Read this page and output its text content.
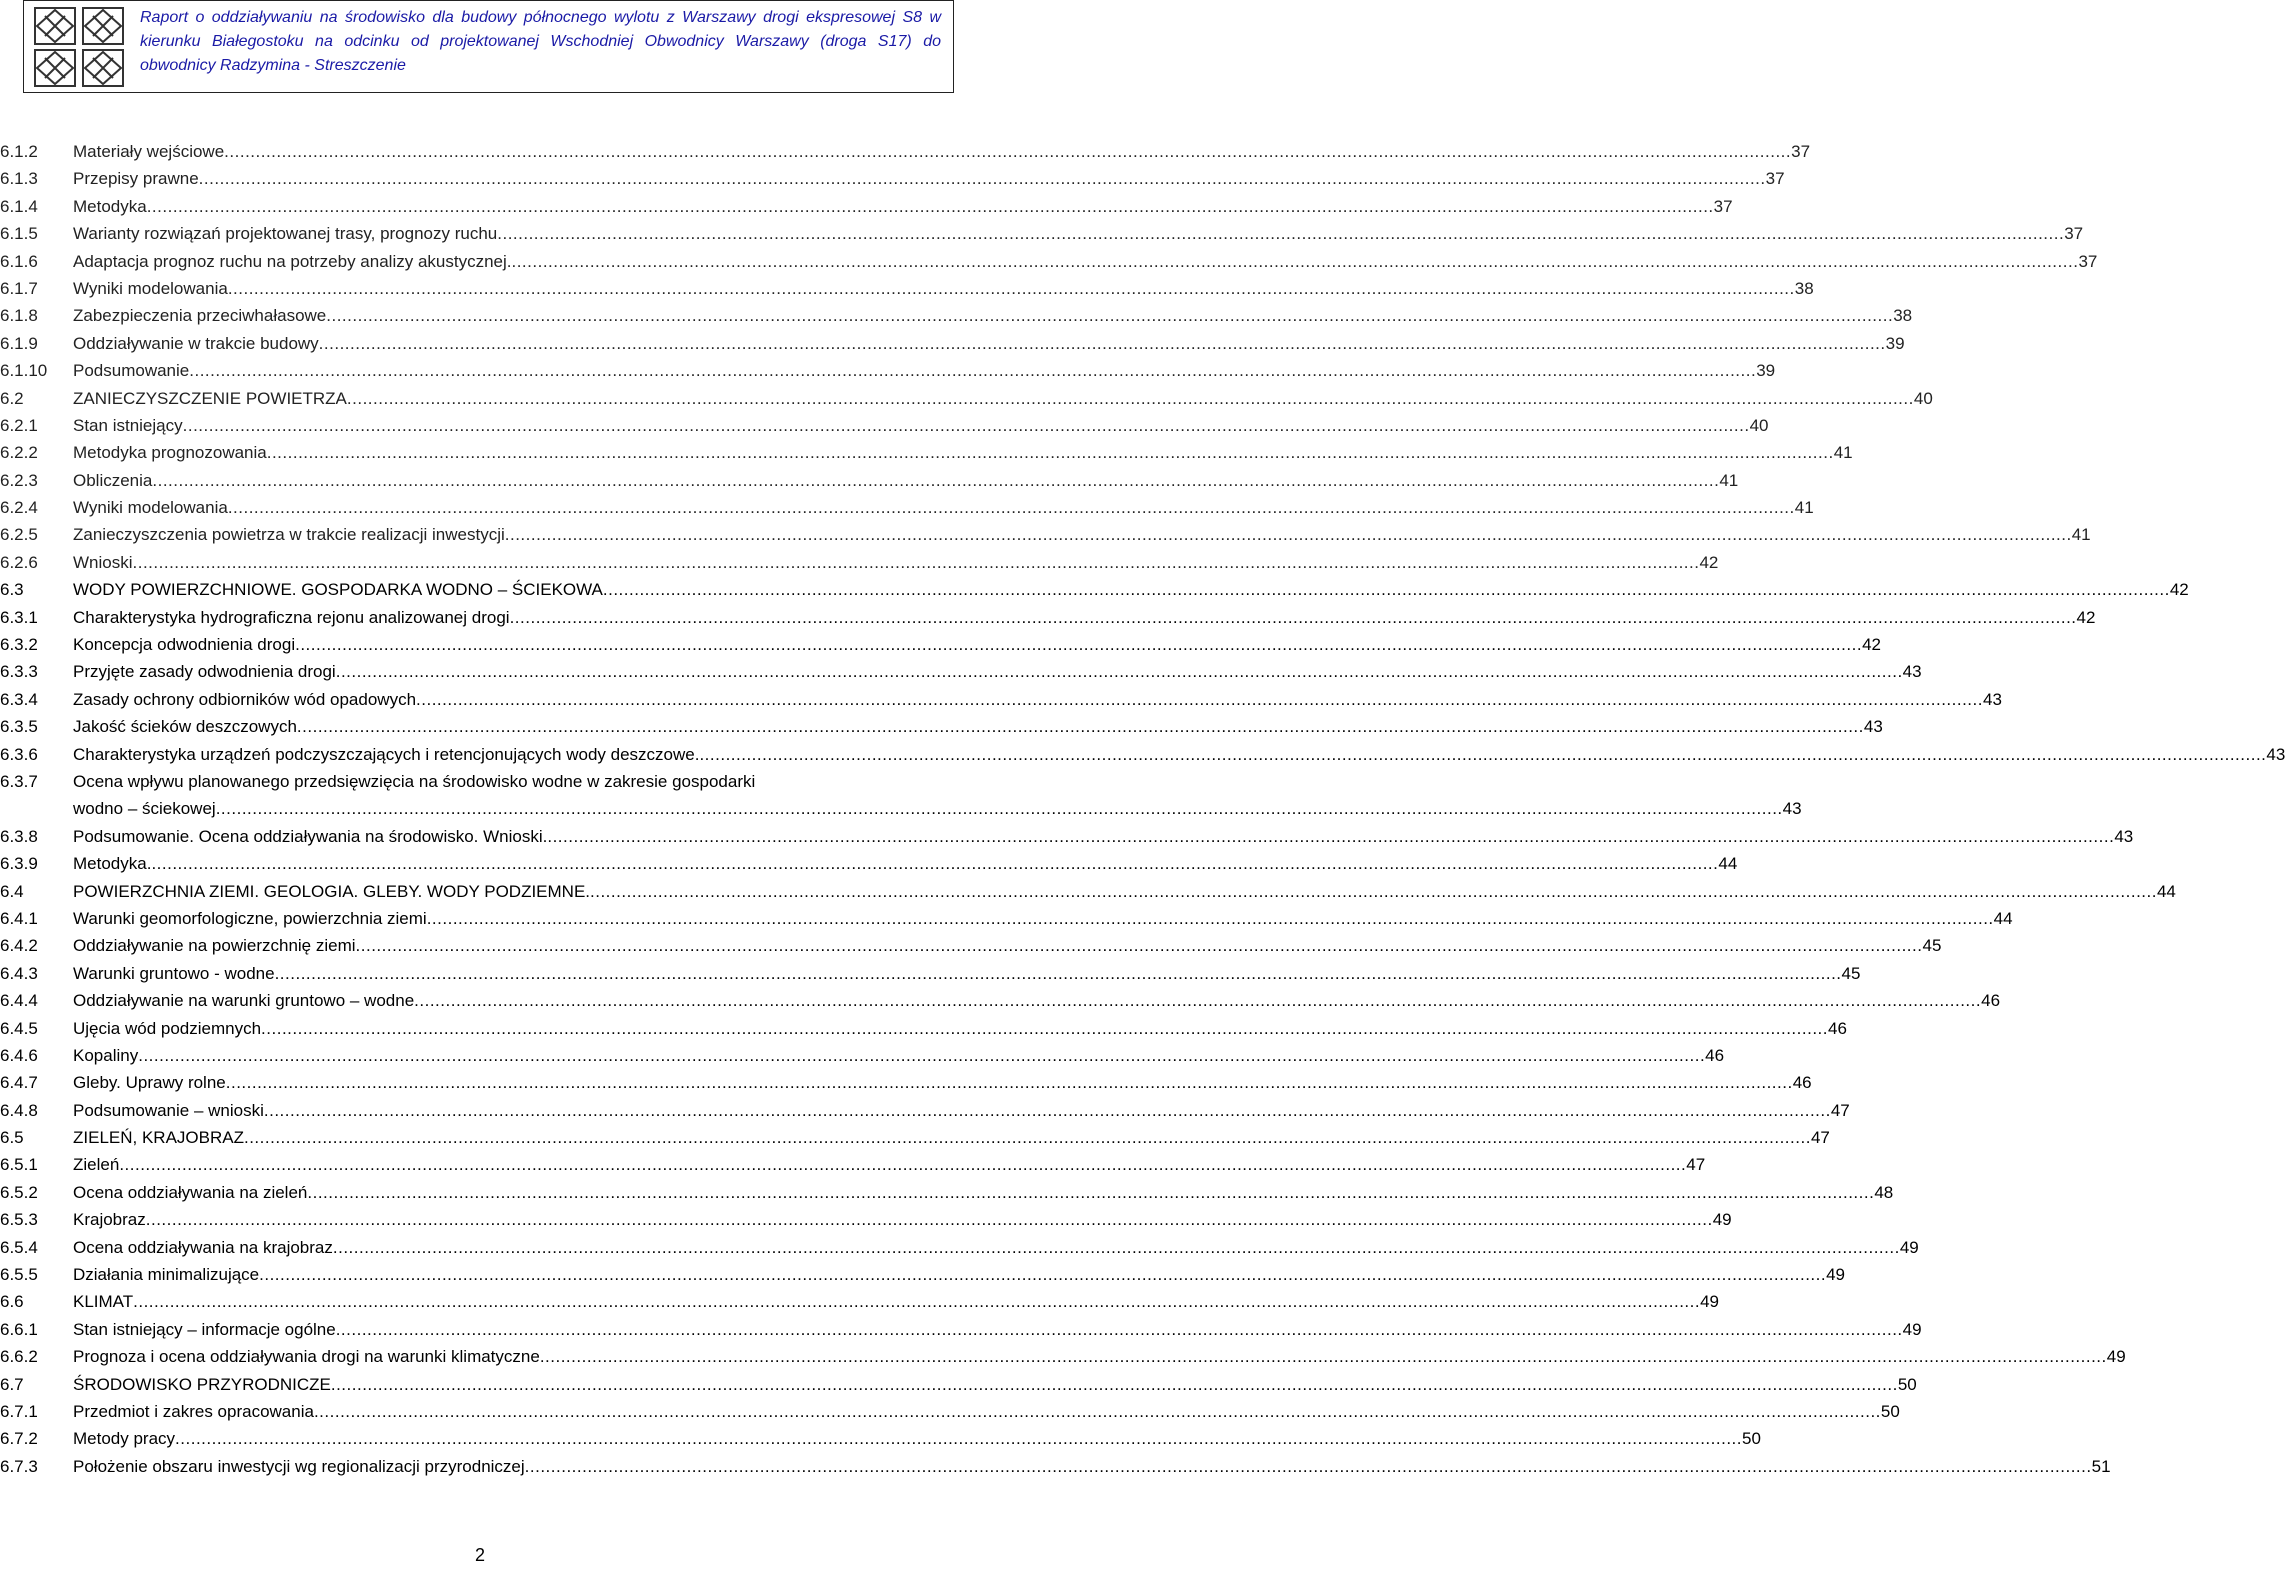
Raport o oddziaływaniu na środowisko dla budowy północnego wylotu z Warszawy drogi ekspresowej S8 w kierunku Białegostoku na odcinku od projektowanej Wschodniej Obwodnicy Warszawy (droga S17) do obwodnicy Radzymina - Streszczenie
6.1.2 Materiały wejściowe ............................................................................................................................................................................................................................................................................................................ 37
6.1.3 Przepisy prawne ............................................................................................................................................................................................................................................................................................................ 37
6.1.4 Metodyka ............................................................................................................................................................................................................................................................................................................ 37
6.1.5 Warianty rozwiązań projektowanej trasy, prognozy ruchu ............................................................................................................................................................................................................................................................................................................ 37
6.1.6 Adaptacja prognoz ruchu na potrzeby analizy akustycznej. ............................................................................................................................................................................................................................................................................................................ 37
6.1.7 Wyniki modelowania ............................................................................................................................................................................................................................................................................................................ 38
6.1.8 Zabezpieczenia przeciwhałasowe ............................................................................................................................................................................................................................................................................................................ 38
6.1.9 Oddziaływanie w trakcie budowy ............................................................................................................................................................................................................................................................................................................ 39
6.1.10 Podsumowanie ............................................................................................................................................................................................................................................................................................................ 39
6.2	ZANIECZYSZCZENIE POWIETRZA ............................................................................................................................................................................................................................................................................................................ 40
6.2.1 Stan istniejący ............................................................................................................................................................................................................................................................................................................ 40
6.2.2 Metodyka prognozowania ............................................................................................................................................................................................................................................................................................................ 41
6.2.3 Obliczenia ............................................................................................................................................................................................................................................................................................................ 41
6.2.4 Wyniki modelowania ............................................................................................................................................................................................................................................................................................................ 41
6.2.5 Zanieczyszczenia powietrza w trakcie realizacji inwestycji ............................................................................................................................................................................................................................................................................................................ 41
6.2.6 Wnioski ............................................................................................................................................................................................................................................................................................................ 42
6.3	WODY POWIERZCHNIOWE. GOSPODARKA WODNO – ŚCIEKOWA ............................................................................................................................................................................................................................................................................................................ 42
6.3.1 Charakterystyka hydrograficzna rejonu analizowanej drogi ............................................................................................................................................................................................................................................................................................................ 42
6.3.2 Koncepcja odwodnienia drogi ............................................................................................................................................................................................................................................................................................................ 42
6.3.3 Przyjęte zasady odwodnienia drogi ............................................................................................................................................................................................................................................................................................................ 43
6.3.4 Zasady ochrony odbiorników wód opadowych ............................................................................................................................................................................................................................................................................................................ 43
6.3.5 Jakość ścieków deszczowych ............................................................................................................................................................................................................................................................................................................ 43
6.3.6 Charakterystyka urządzeń podczyszczających i retencjonujących wody deszczowe. ............................................................................................................................................................................................................................................................................................................ 43
6.3.7 Ocena wpływu planowanego przedsięwzięcia na środowisko wodne w zakresie gospodarki
wodno – ściekowej ............................................................................................................................................................................................................................................................................................................ 43
6.3.8 Podsumowanie. Ocena oddziaływania na środowisko. Wnioski. ............................................................................................................................................................................................................................................................................................................ 43
6.3.9 Metodyka. ............................................................................................................................................................................................................................................................................................................ 44
6.4	POWIERZCHNIA ZIEMI. GEOLOGIA. GLEBY. WODY PODZIEMNE. ............................................................................................................................................................................................................................................................................................................ 44
6.4.1 Warunki geomorfologiczne, powierzchnia ziemi ............................................................................................................................................................................................................................................................................................................ 44
6.4.2 Oddziaływanie na powierzchnię ziemi ............................................................................................................................................................................................................................................................................................................ 45
6.4.3 Warunki gruntowo - wodne ............................................................................................................................................................................................................................................................................................................ 45
6.4.4 Oddziaływanie na warunki gruntowo – wodne ............................................................................................................................................................................................................................................................................................................ 46
6.4.5 Ujęcia wód podziemnych ............................................................................................................................................................................................................................................................................................................ 46
6.4.6 Kopaliny ............................................................................................................................................................................................................................................................................................................ 46
6.4.7 Gleby. Uprawy rolne ............................................................................................................................................................................................................................................................................................................ 46
6.4.8 Podsumowanie – wnioski ............................................................................................................................................................................................................................................................................................................ 47
6.5	ZIELEŃ, KRAJOBRAZ ............................................................................................................................................................................................................................................................................................................ 47
6.5.1 Zieleń ............................................................................................................................................................................................................................................................................................................ 47
6.5.2 Ocena oddziaływania na zieleń ............................................................................................................................................................................................................................................................................................................ 48
6.5.3 Krajobraz ............................................................................................................................................................................................................................................................................................................ 49
6.5.4 Ocena oddziaływania na krajobraz ............................................................................................................................................................................................................................................................................................................ 49
6.5.5 Działania minimalizujące ............................................................................................................................................................................................................................................................................................................ 49
6.6	KLIMAT ............................................................................................................................................................................................................................................................................................................ 49
6.6.1 Stan istniejący – informacje ogólne ............................................................................................................................................................................................................................................................................................................ 49
6.6.2 Prognoza i ocena oddziaływania drogi na warunki klimatyczne ............................................................................................................................................................................................................................................................................................................ 49
6.7	ŚRODOWISKO PRZYRODNICZE ............................................................................................................................................................................................................................................................................................................ 50
6.7.1 Przedmiot i zakres opracowania ............................................................................................................................................................................................................................................................................................................ 50
6.7.2 Metody pracy ............................................................................................................................................................................................................................................................................................................ 50
6.7.3 Położenie obszaru inwestycji wg regionalizacji przyrodniczej ............................................................................................................................................................................................................................................................................................................ 51
2
